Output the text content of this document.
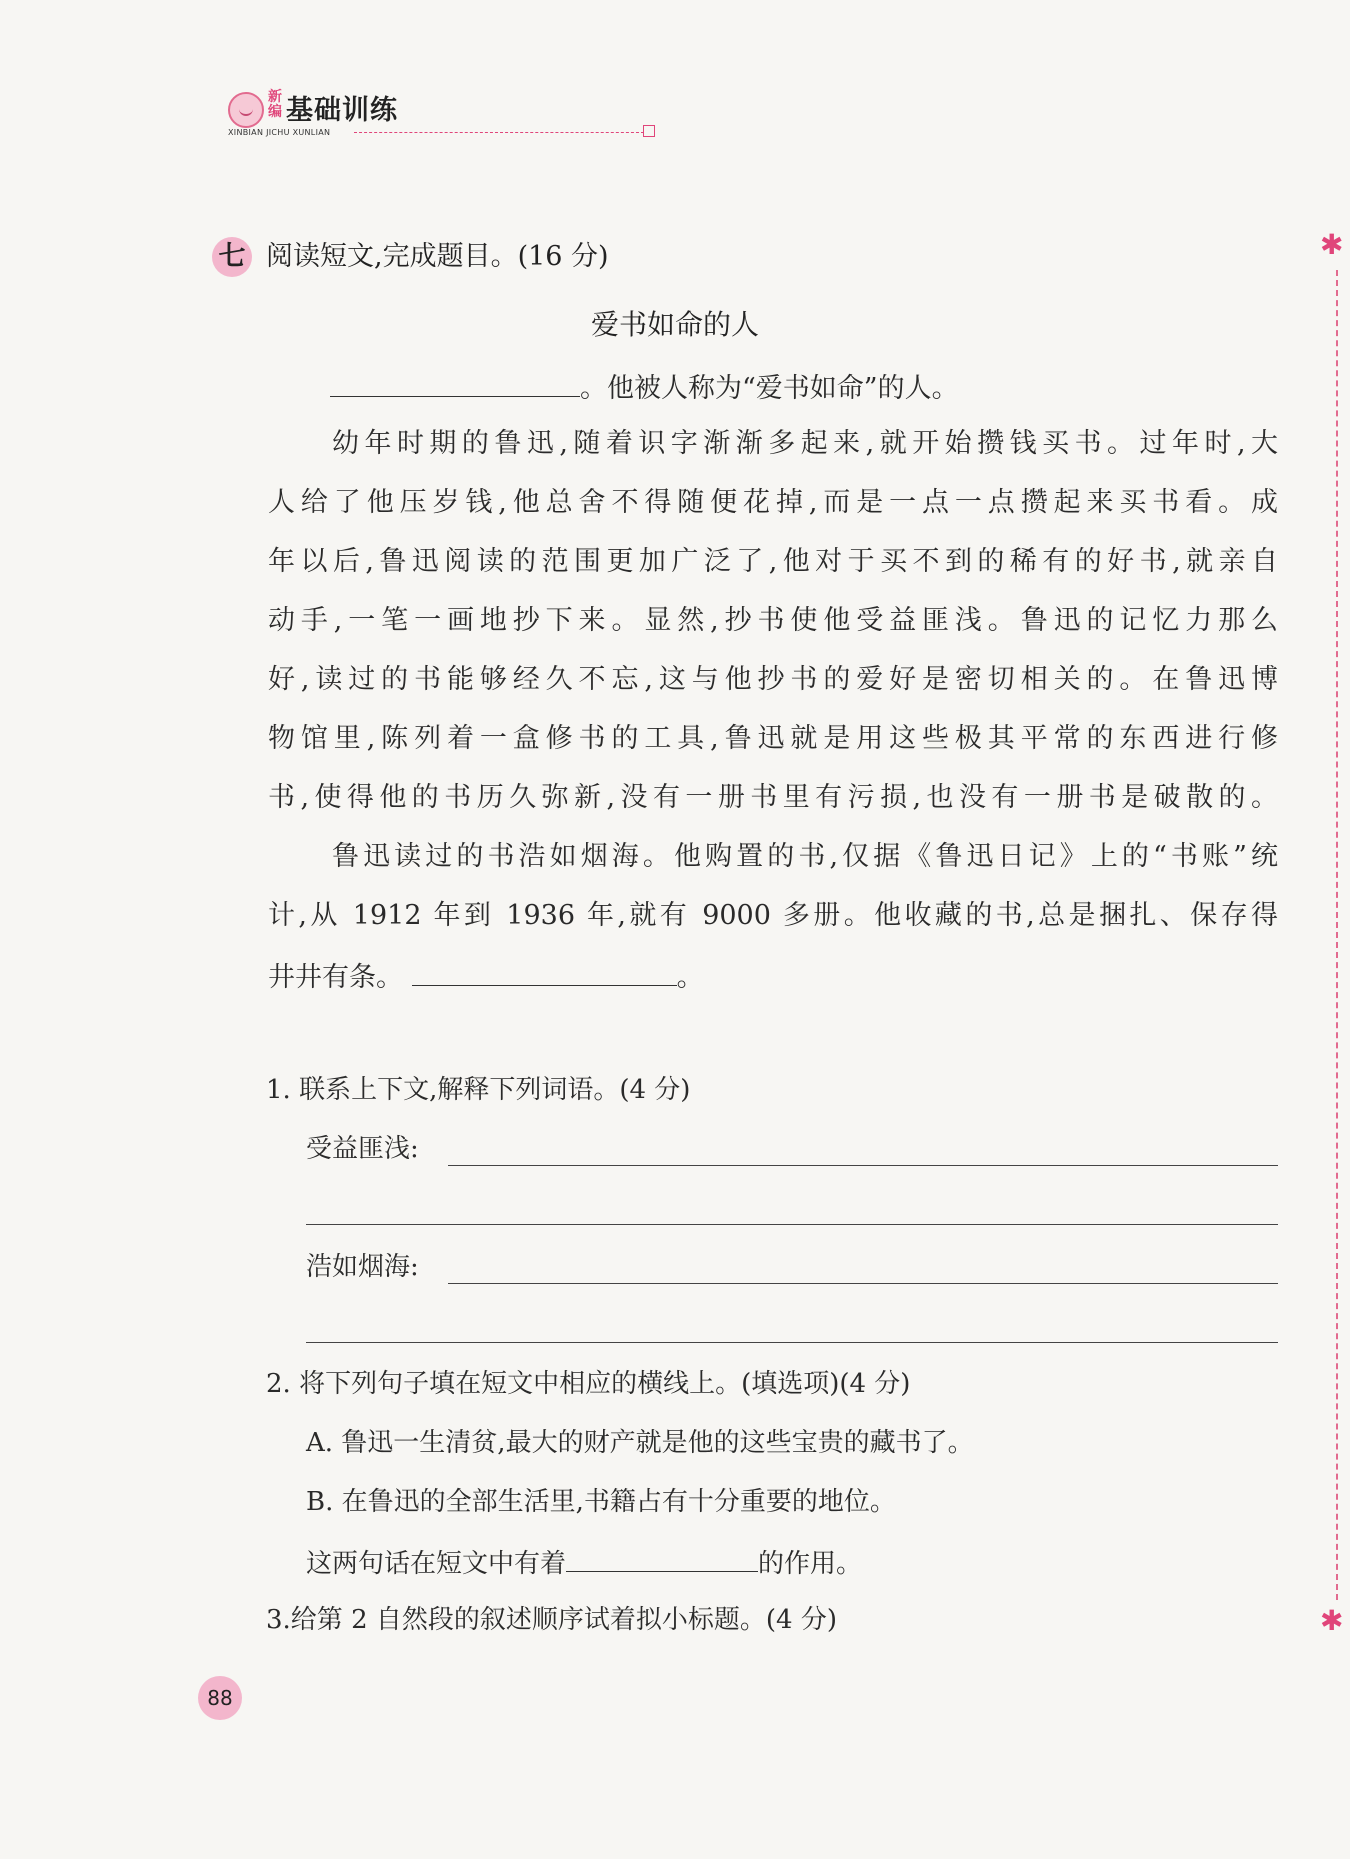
新编 基础训练
XINBIAN JICHU XUNLIAN
七 阅读短文,完成题目。(16 分)
爱书如命的人
。他被人称为“爱书如命”的人。
幼年时期的鲁迅,随着识字渐渐多起来,就开始攒钱买书。过年时,大
人给了他压岁钱,他总舍不得随便花掉,而是一点一点攒起来买书看。成
年以后,鲁迅阅读的范围更加广泛了,他对于买不到的稀有的好书,就亲自
动手,一笔一画地抄下来。显然,抄书使他受益匪浅。鲁迅的记忆力那么
好,读过的书能够经久不忘,这与他抄书的爱好是密切相关的。在鲁迅博
物馆里,陈列着一盒修书的工具,鲁迅就是用这些极其平常的东西进行修
书,使得他的书历久弥新,没有一册书里有污损,也没有一册书是破散的。
鲁迅读过的书浩如烟海。他购置的书,仅据《鲁迅日记》上的“书账”统
计,从 1912 年到 1936 年,就有 9000 多册。他收藏的书,总是捆扎、保存得
井井有条。	。
1. 联系上下文,解释下列词语。(4 分)
受益匪浅:
浩如烟海:
2. 将下列句子填在短文中相应的横线上。(填选项)(4 分)
A. 鲁迅一生清贫,最大的财产就是他的这些宝贵的藏书了。
B. 在鲁迅的全部生活里,书籍占有十分重要的地位。
这两句话在短文中有着	的作用。
3.给第 2 自然段的叙述顺序试着拟小标题。(4 分)
✱
✱
88
